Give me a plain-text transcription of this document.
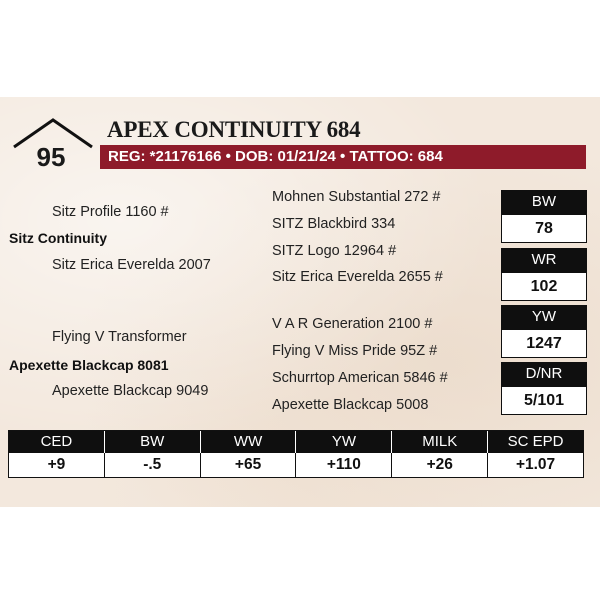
95
APEX CONTINUITY 684
REG: *21176166 • DOB: 01/21/24 • TATTOO: 684
Sitz Profile 1160 #
Sitz Continuity
Sitz Erica Everelda 2007
Flying V Transformer
Apexette Blackcap 8081
Apexette Blackcap 9049
Mohnen Substantial 272 #
SITZ Blackbird 334
SITZ Logo 12964 #
Sitz Erica Everelda 2655 #
V A R Generation 2100 #
Flying V Miss Pride 95Z #
Schurrtop American 5846 #
Apexette Blackcap 5008
BW
78
WR
102
YW
1247
D/NR
5/101
CED	BW	WW	YW	MILK	SC EPD
+9	-.5	+65	+110	+26	+1.07
